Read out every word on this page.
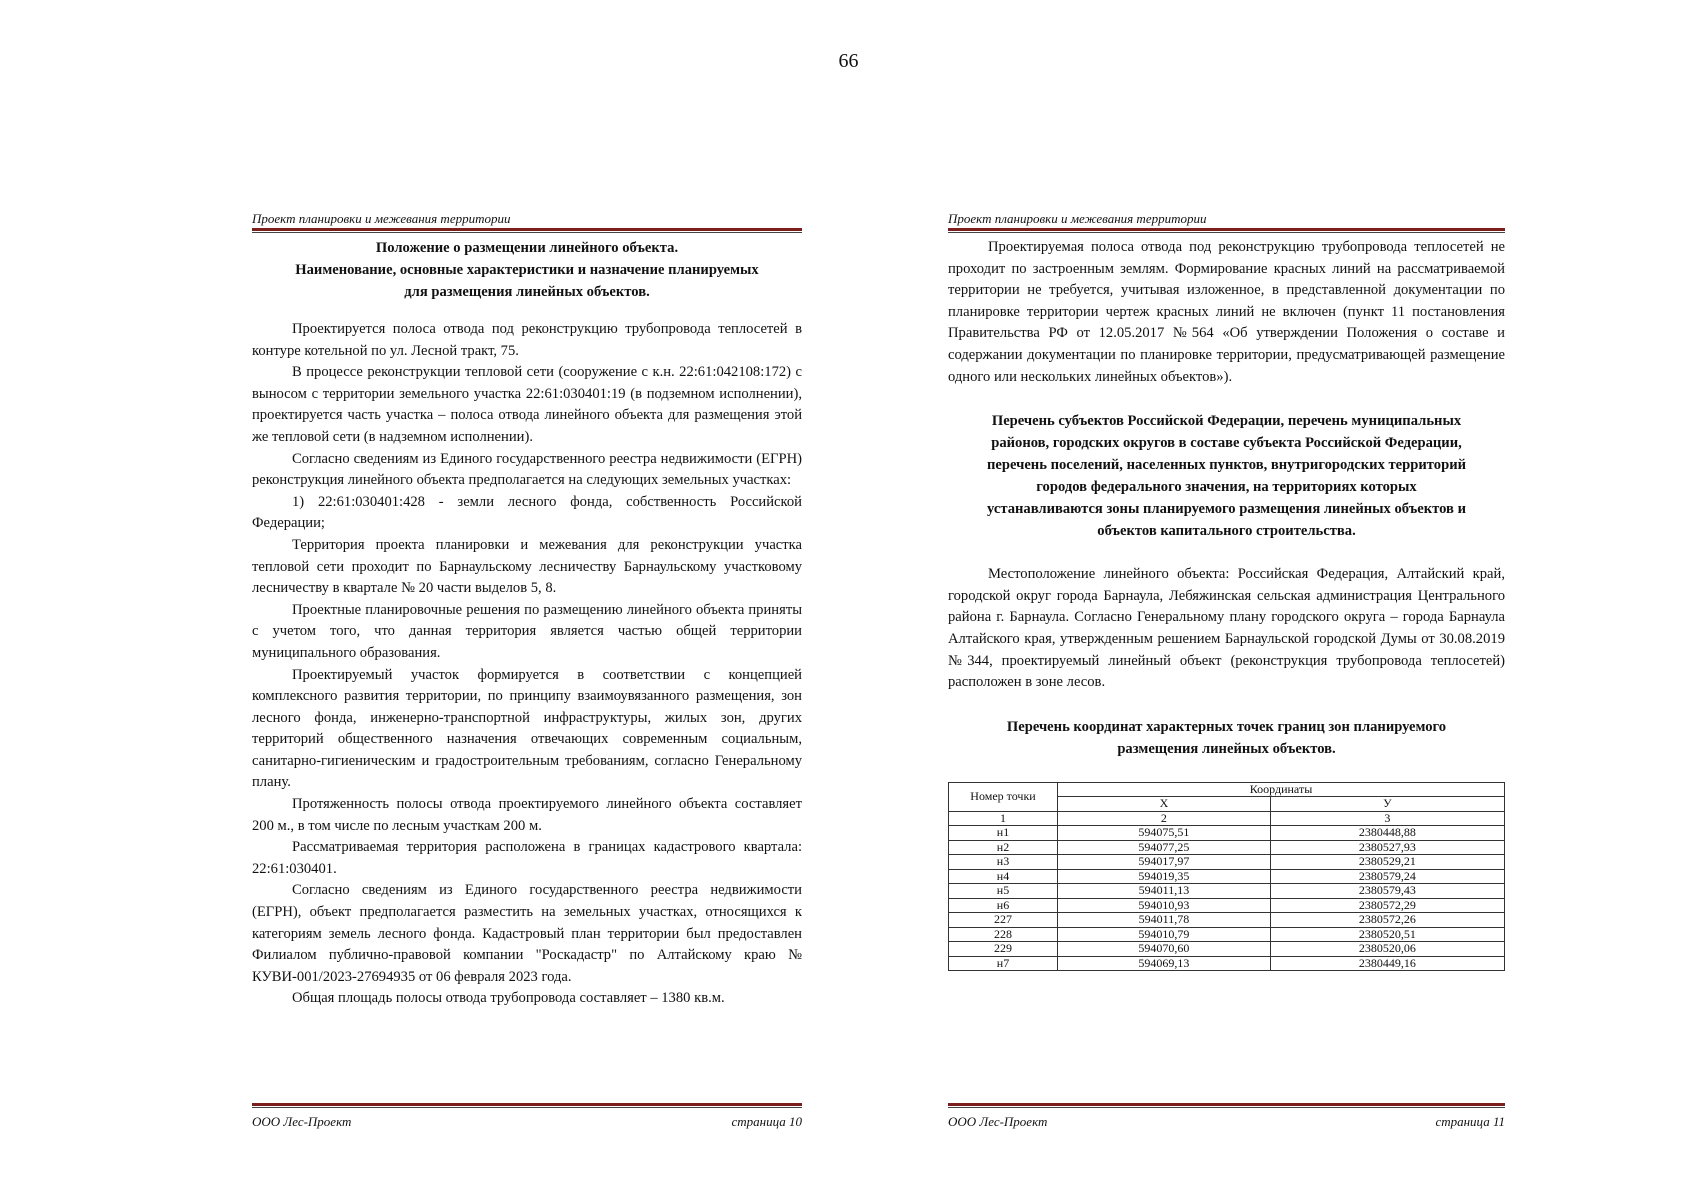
66
Проект планировки и межевания территории
Положение о размещении линейного объекта.
Наименование, основные характеристики и назначение планируемых
для размещения линейных объектов.

Проектируется полоса отвода под реконструкцию трубопровода теплосетей в контуре котельной по ул. Лесной тракт, 75.

В процессе реконструкции тепловой сети (сооружение с к.н. 22:61:042108:172) с выносом с территории земельного участка 22:61:030401:19 (в подземном исполнении), проектируется часть участка – полоса отвода линейного объекта для размещения этой же тепловой сети (в надземном исполнении).

Согласно сведениям из Единого государственного реестра недвижимости (ЕГРН) реконструкция линейного объекта предполагается на следующих земельных участках:

1) 22:61:030401:428 - земли лесного фонда, собственность Российской Федерации;

Территория проекта планировки и межевания для реконструкции участка тепловой сети проходит по Барнаульскому лесничеству Барнаульскому участковому лесничеству в квартале № 20 части выделов 5, 8.

Проектные планировочные решения по размещению линейного объекта приняты с учетом того, что данная территория является частью общей территории муниципального образования.

Проектируемый участок формируется в соответствии с концепцией комплексного развития территории, по принципу взаимоувязанного размещения, зон лесного фонда, инженерно-транспортной инфраструктуры, жилых зон, других территорий общественного назначения отвечающих современным социальным, санитарно-гигиеническим и градостроительным требованиям, согласно Генеральному плану.

Протяженность полосы отвода проектируемого линейного объекта составляет 200 м., в том числе по лесным участкам 200 м.

Рассматриваемая территория расположена в границах кадастрового квартала: 22:61:030401.

Согласно сведениям из Единого государственного реестра недвижимости (ЕГРН), объект предполагается разместить на земельных участках, относящихся к категориям земель лесного фонда. Кадастровый план территории был предоставлен Филиалом публично-правовой компании "Роскадастр" по Алтайскому краю № КУВИ-001/2023-27694935 от 06 февраля 2023 года.

Общая площадь полосы отвода трубопровода составляет – 1380 кв.м.

ООО Лес-Проект	страница 10
Проект планировки и межевания территории

Проектируемая полоса отвода под реконструкцию трубопровода теплосетей не проходит по застроенным землям. Формирование красных линий на рассматриваемой территории не требуется, учитывая изложенное, в представленной документации по планировке территории чертеж красных линий не включен (пункт 11 постановления Правительства РФ от 12.05.2017 №564 «Об утверждении Положения о составе и содержании документации по планировке территории, предусматривающей размещение одного или нескольких линейных объектов»).

Перечень субъектов Российской Федерации, перечень муниципальных
районов, городских округов в составе субъекта Российской Федерации,
перечень поселений, населенных пунктов, внутригородских территорий
городов федерального значения, на территориях которых
устанавливаются зоны планируемого размещения линейных объектов и
объектов капитального строительства.

Местоположение линейного объекта: Российская Федерация, Алтайский край, городской округ города Барнаула, Лебяжинская сельская администрация Центрального района г. Барнаула. Согласно Генеральному плану городского округа – города Барнаула Алтайского края, утвержденным решением Барнаульской городской Думы от 30.08.2019 №344, проектируемый линейный объект (реконструкция трубопровода теплосетей) расположен в зоне лесов.

Перечень координат характерных точек границ зон планируемого
размещения линейных объектов.
Номер точки	Координаты	
	X	У
1	2	3
н1	594075,51	2380448,88
н2	594077,25	2380527,93
н3	594017,97	2380529,21
н4	594019,35	2380579,24
н5	594011,13	2380579,43
н6	594010,93	2380572,29
227	594011,78	2380572,26
228	594010,79	2380520,51
229	594070,60	2380520,06
н7	594069,13	2380449,16
ООО Лес-Проект	страница 11
